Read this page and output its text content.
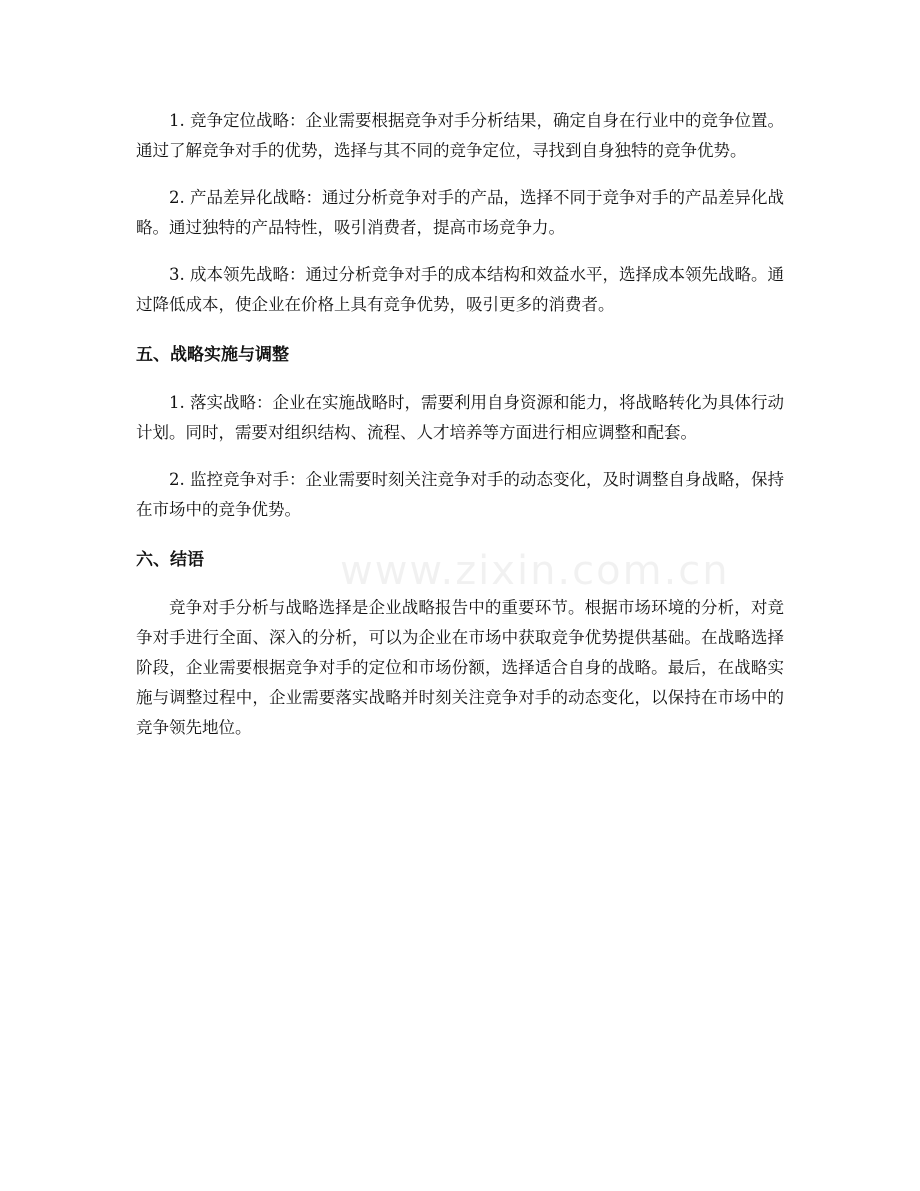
www.zixin.com.cn

1. 竞争定位战略：企业需要根据竞争对手分析结果，确定自身在行业中的竞争位置。通过了解竞争对手的优势，选择与其不同的竞争定位，寻找到自身独特的竞争优势。

2. 产品差异化战略：通过分析竞争对手的产品，选择不同于竞争对手的产品差异化战略。通过独特的产品特性，吸引消费者，提高市场竞争力。

3. 成本领先战略：通过分析竞争对手的成本结构和效益水平，选择成本领先战略。通过降低成本，使企业在价格上具有竞争优势，吸引更多的消费者。

五、战略实施与调整

1. 落实战略：企业在实施战略时，需要利用自身资源和能力，将战略转化为具体行动计划。同时，需要对组织结构、流程、人才培养等方面进行相应调整和配套。

2. 监控竞争对手：企业需要时刻关注竞争对手的动态变化，及时调整自身战略，保持在市场中的竞争优势。

六、结语

竞争对手分析与战略选择是企业战略报告中的重要环节。根据市场环境的分析，对竞争对手进行全面、深入的分析，可以为企业在市场中获取竞争优势提供基础。在战略选择阶段，企业需要根据竞争对手的定位和市场份额，选择适合自身的战略。最后，在战略实施与调整过程中，企业需要落实战略并时刻关注竞争对手的动态变化，以保持在市场中的竞争领先地位。
